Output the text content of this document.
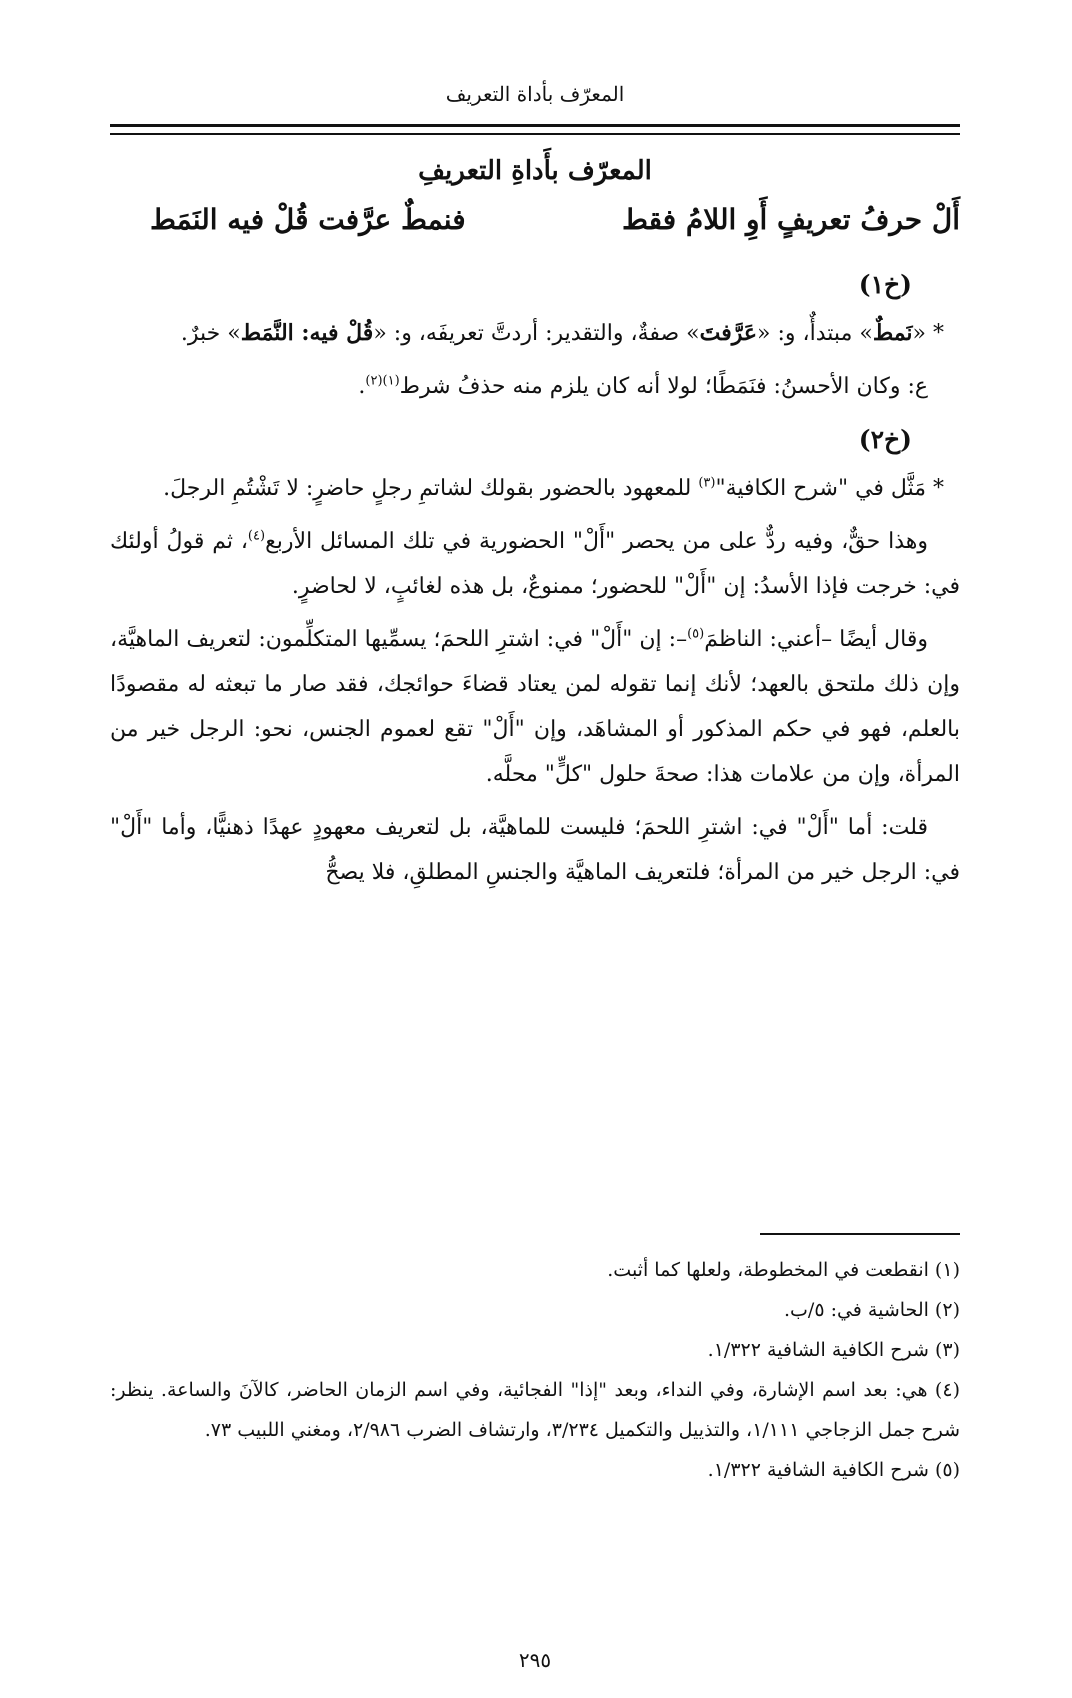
المعرّف بأداة التعريف
المعرّف بأَداةِ التعريفِ
أَلْ حرفُ تعريفٍ أَوِ اللامُ فقط
فنمطٌ عرَّفت قُلْ فيه النَمَط
(خ١)

* «نَمطٌ» مبتدأٌ، و: «عَرَّفتَ» صفةٌ، والتقدير: أردتَّ تعريفَه، و: «قُلْ فيه: النَّمَط» خبرٌ.

ع: وكان الأحسنُ: فنَمَطًا؛ لولا أنه كان يلزم منه حذفُ شرط$^{(١)(٢)}$.

(خ٢)

* مَثَّل في "شرح الكافية"$^{(٣)}$ للمعهود بالحضور بقولك لشاتمِ رجلٍ حاضرٍ: لا تَشْتُمِ الرجلَ.

وهذا حقٌّ، وفيه ردٌّ على من يحصر "أَلْ" الحضورية في تلك المسائل الأربع$^{(٤)}$، ثم قولُ أولئك في: خرجت فإذا الأسدُ: إن "أَلْ" للحضور؛ ممنوعٌ، بل هذه لغائبٍ، لا لحاضرٍ.

وقال أيضًا –أعني: الناظمَ$^{(٥)}$–: إن "أَلْ" في: اشترِ اللحمَ؛ يسمِّيها المتكلِّمون: لتعريف الماهيَّة، وإن ذلك ملتحق بالعهد؛ لأنك إنما تقوله لمن يعتاد قضاءَ حوائجك، فقد صار ما تبعثه له مقصودًا بالعلم، فهو في حكم المذكور أو المشاهَد، وإن "أَلْ" تقع لعموم الجنس، نحو: الرجل خير من المرأة، وإن من علامات هذا: صحةَ حلول "كلٍّ" محلَّه.

قلت: أما "أَلْ" في: اشترِ اللحمَ؛ فليست للماهيَّة، بل لتعريف معهودٍ عهدًا ذهنيًّا، وأما "أَلْ" في: الرجل خير من المرأة؛ فلتعريف الماهيَّة والجنسِ المطلقِ، فلا يصحُّ

(١) انقطعت في المخطوطة، ولعلها كما أثبت.
(٢) الحاشية في: ٥/ب.
(٣) شرح الكافية الشافية ١/٣٢٢.
(٤) هي: بعد اسم الإشارة، وفي النداء، وبعد "إذا" الفجائية، وفي اسم الزمان الحاضر، كالآنَ والساعة. ينظر: شرح جمل الزجاجي ١/١١١، والتذييل والتكميل ٣/٢٣٤، وارتشاف الضرب ٢/٩٨٦، ومغني اللبيب ٧٣.
(٥) شرح الكافية الشافية ١/٣٢٢.
٢٩٥
